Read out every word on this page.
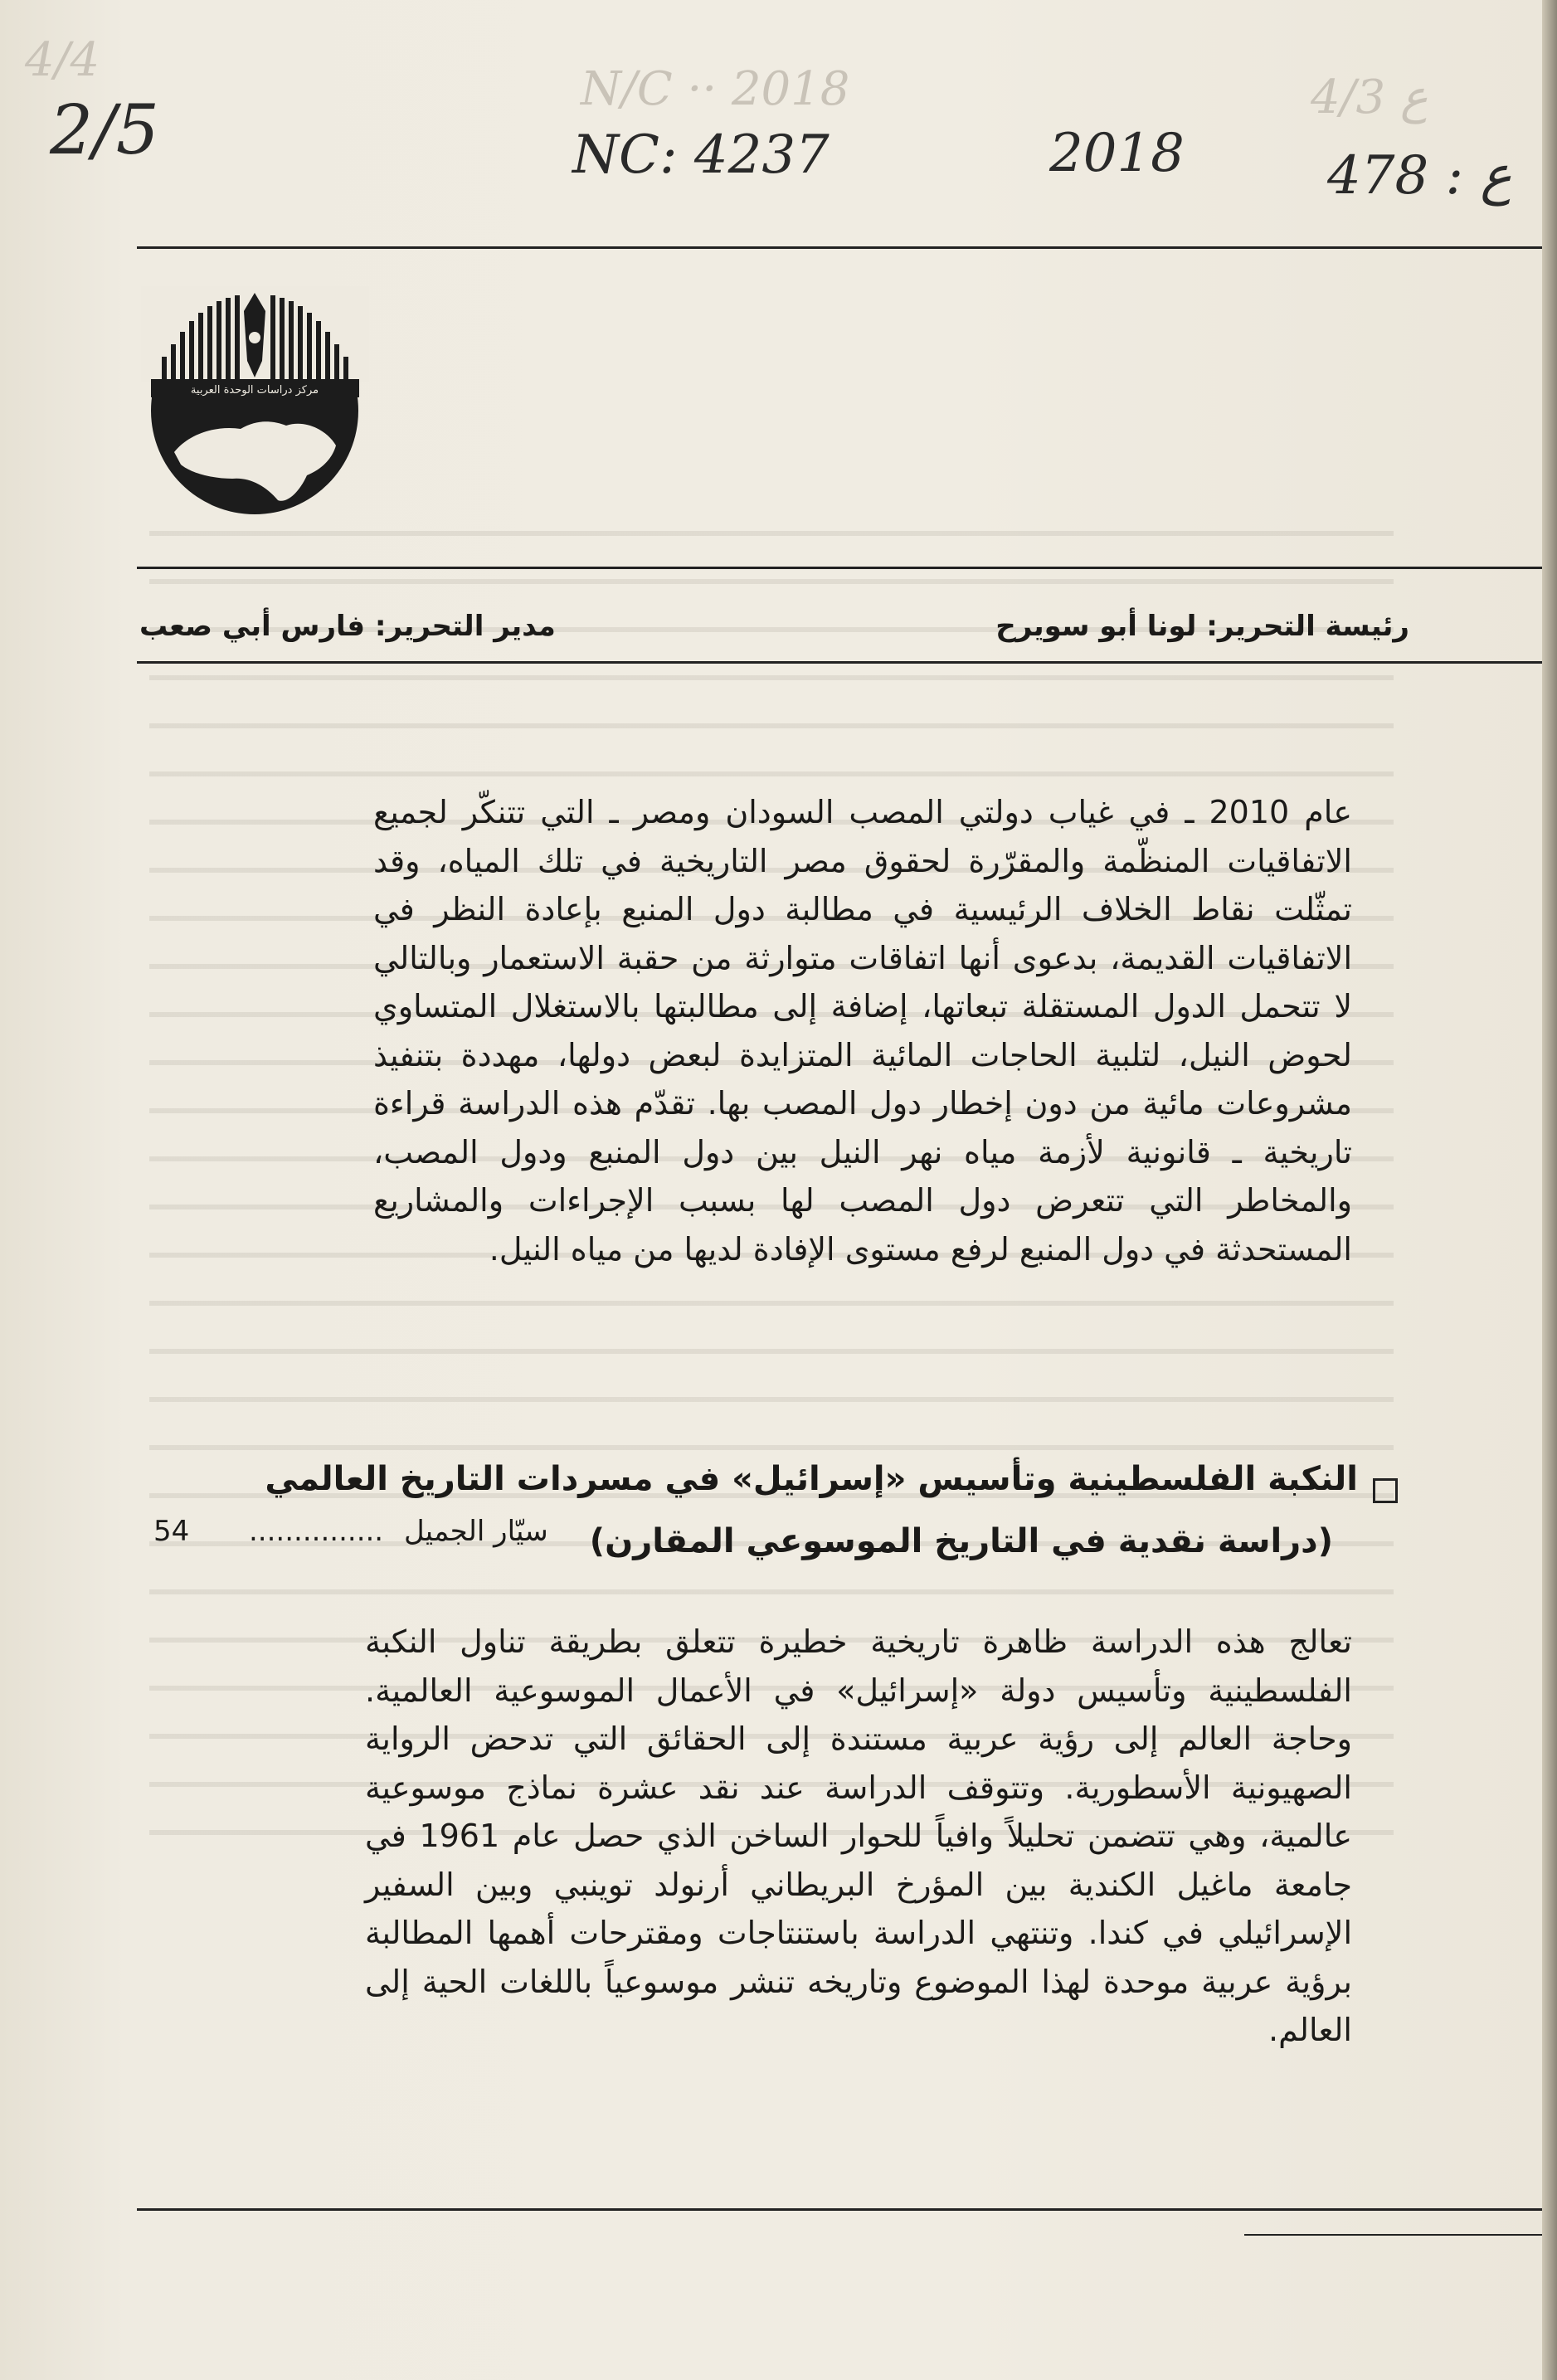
4/4
N/C ·· 2018	4/3 ع
2/5	NC: 4237	2018	478 : ع
مركز دراسات الوحدة العربية
رئيسة التحرير: لونا أبو سويرح
مدير التحرير: فارس أبي صعب

عام 2010 ـ في غياب دولتي المصب السودان ومصر ـ التي تتنكّر لجميع الاتفاقيات المنظّمة والمقرّرة لحقوق مصر التاريخية في تلك المياه، وقد تمثّلت نقاط الخلاف الرئيسية في مطالبة دول المنبع بإعادة النظر في الاتفاقيات القديمة، بدعوى أنها اتفاقات متوارثة من حقبة الاستعمار وبالتالي لا تتحمل الدول المستقلة تبعاتها، إضافة إلى مطالبتها بالاستغلال المتساوي لحوض النيل، لتلبية الحاجات المائية المتزايدة لبعض دولها، مهددة بتنفيذ مشروعات مائية من دون إخطار دول المصب بها. تقدّم هذه الدراسة قراءة تاريخية ـ قانونية لأزمة مياه نهر النيل بين دول المنبع ودول المصب، والمخاطر التي تتعرض دول المصب لها بسبب الإجراءات والمشاريع المستحدثة في دول المنبع لرفع مستوى الإفادة لديها من مياه النيل.

النكبة الفلسطينية وتأسيس «إسرائيل» في مسردات التاريخ العالمي
(دراسة نقدية في التاريخ الموسوعي المقارن)
سيّار الجميل ...............
54

تعالج هذه الدراسة ظاهرة تاريخية خطيرة تتعلق بطريقة تناول النكبة الفلسطينية وتأسيس دولة «إسرائيل» في الأعمال الموسوعية العالمية. وحاجة العالم إلى رؤية عربية مستندة إلى الحقائق التي تدحض الرواية الصهيونية الأسطورية. وتتوقف الدراسة عند نقد عشرة نماذج موسوعية عالمية، وهي تتضمن تحليلاً وافياً للحوار الساخن الذي حصل عام 1961 في جامعة ماغيل الكندية بين المؤرخ البريطاني أرنولد توينبي وبين السفير الإسرائيلي في كندا. وتنتهي الدراسة باستنتاجات ومقترحات أهمها المطالبة برؤية عربية موحدة لهذا الموضوع وتاريخه تنشر موسوعياً باللغات الحية إلى العالم.
